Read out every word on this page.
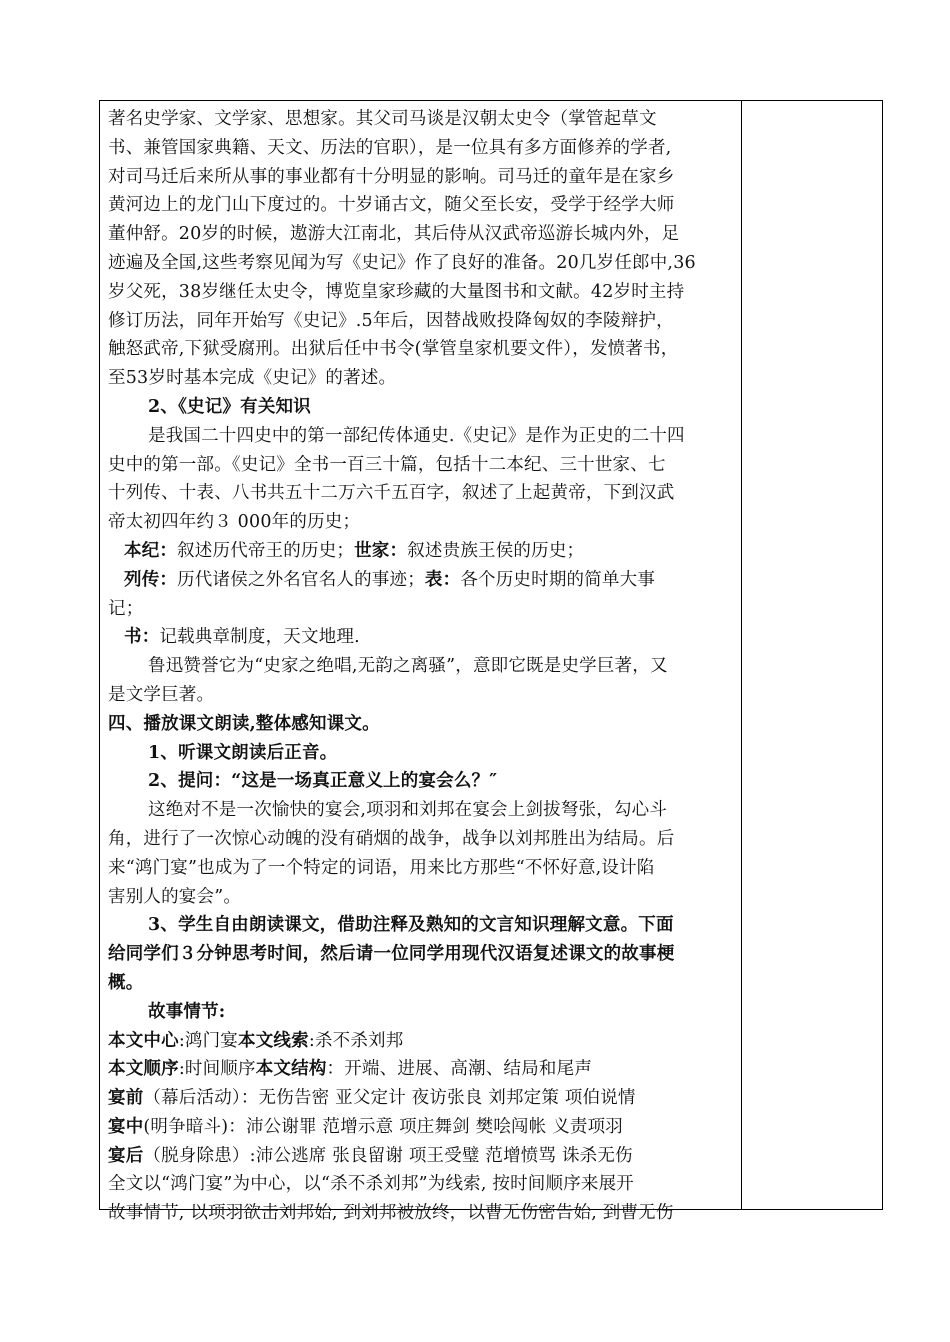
著名史学家、文学家、思想家。其父司马谈是汉朝太史令（掌管起草文
书、兼管国家典籍、天文、历法的官职），是一位具有多方面修养的学者,
对司马迁后来所从事的事业都有十分明显的影响。司马迁的童年是在家乡
黄河边上的龙门山下度过的。十岁诵古文，随父至长安，受学于经学大师
董仲舒。20岁的时候，遨游大江南北，其后侍从汉武帝巡游长城内外，足
迹遍及全国,这些考察见闻为写《史记》作了良好的准备。20几岁任郎中,36
岁父死，38岁继任太史令，博览皇家珍藏的大量图书和文献。42岁时主持
修订历法，同年开始写《史记》.5年后，因替战败投降匈奴的李陵辩护，
触怒武帝,下狱受腐刑。出狱后任中书令(掌管皇家机要文件），发愤著书，
至53岁时基本完成《史记》的著述。
2、《史记》有关知识
是我国二十四史中的第一部纪传体通史.《史记》是作为正史的二十四
史中的第一部。《史记》全书一百三十篇，包括十二本纪、三十世家、七
十列传、十表、八书共五十二万六千五百字，叙述了上起黄帝，下到汉武
帝太初四年约３ 000年的历史；
本纪：叙述历代帝王的历史；世家：叙述贵族王侯的历史；
列传：历代诸侯之外名官名人的事迹；表：各个历史时期的简单大事
记；
书：记载典章制度，天文地理.
鲁迅赞誉它为“史家之绝唱,无韵之离骚”，意即它既是史学巨著，又
是文学巨著。
四、播放课文朗读,整体感知课文。
1、听课文朗读后正音。
2、提问：“这是一场真正意义上的宴会么？″
这绝对不是一次愉快的宴会,项羽和刘邦在宴会上剑拔弩张，勾心斗
角，进行了一次惊心动魄的没有硝烟的战争，战争以刘邦胜出为结局。后
来“鸿门宴”也成为了一个特定的词语，用来比方那些“不怀好意,设计陷
害别人的宴会”。
3、学生自由朗读课文，借助注释及熟知的文言知识理解文意。下面
给同学们３分钟思考时间，然后请一位同学用现代汉语复述课文的故事梗
概。
故事情节:
本文中心:鸿门宴本文线索:杀不杀刘邦
本文顺序:时间顺序本文结构：开端、进展、高潮、结局和尾声
宴前（幕后活动）：无伤告密 亚父定计 夜访张良 刘邦定策 项伯说情
宴中(明争暗斗)：沛公谢罪 范增示意 项庄舞剑 樊哙闯帐 义责项羽
宴后（脱身除患）:沛公逃席 张良留谢 项王受璧 范增愤骂 诛杀无伤
全文以“鸿门宴”为中心，以“杀不杀刘邦”为线索, 按时间顺序来展开
故事情节, 以项羽欲击刘邦始, 到刘邦被放终，以曹无伤密告始, 到曹无伤
